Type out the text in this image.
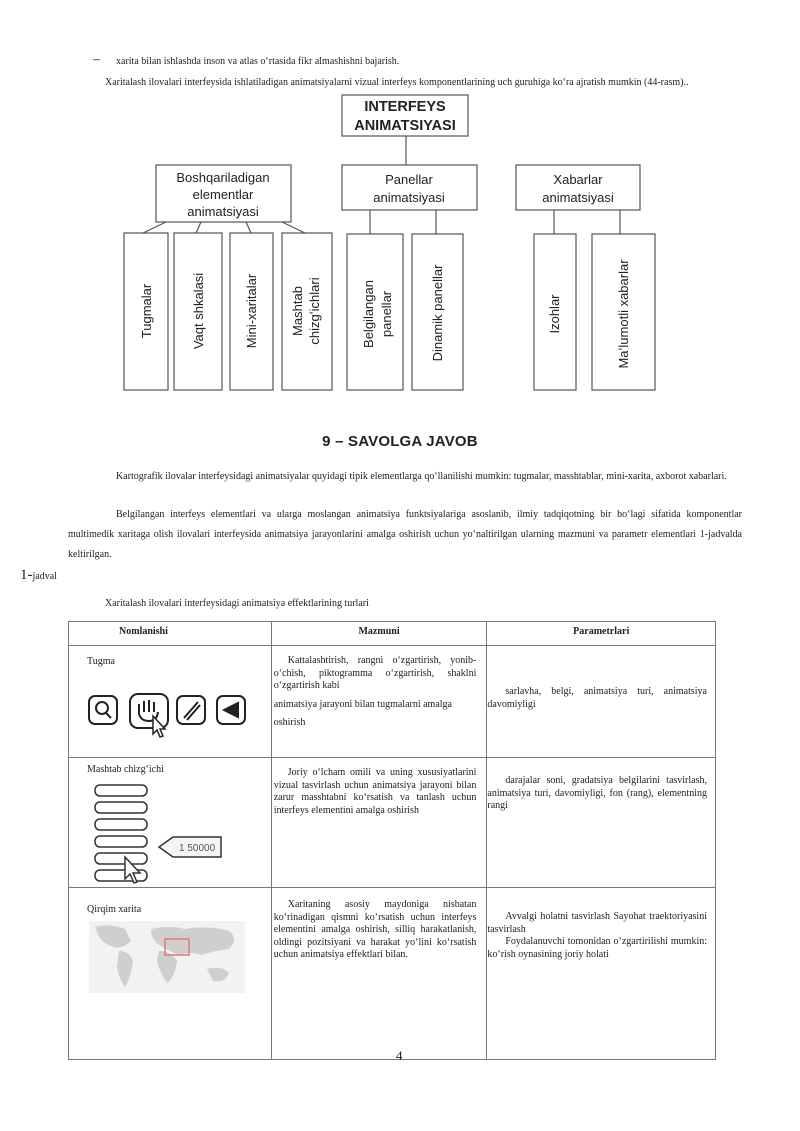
– xarita bilan ishlashda inson va atlas oʻrtasida fikr almashishni bajarish.
Xaritalash ilovalari interfeysida ishlatiladigan animatsiyalarni vizual interfeys komponentlarining uch guruhiga koʻra ajratish mumkin (44-rasm)..
INTERFEYS
ANIMATSIYASI
Boshqariladigan
elementlar
animatsiyasi
Panellar
animatsiyasi
Xabarlar
animatsiyasi
Tugmalar	Vaqt shkalasi	Mini-xaritalar Mashtab chizgʻichlari	Belgilangan panellar	Dinamik panellar	Izohlar	Maʻlumotli xabarlar
9 – SAVOLGA JAVOB
Kartografik ilovalar interfeysidagi animatsiyalar quyidagi tipik elementlarga qoʻllanilishi mumkin: tugmalar, masshtablar, mini-xarita, axborot xabarlari.
Belgilangan interfeys elementlari va ularga moslangan animatsiya funktsiyalariga asoslanib, ilmiy tadqiqotning bir boʻlagi sifatida komponentlar multimedik xaritaga olish ilovalari interfeysida animatsiya jarayonlarini amalga oshirish uchun yoʻnaltirilgan ularning mazmuni va parametr elementlari 1-jadvalda keltirilgan.
1-jadval
Xaritalash ilovalari interfeysidagi animatsiya effektlarining turlari
Nomlanishi	Mazmuni	Parametrlari

Tugma	Kattalashtirish, rangni oʻzgartirish, yonib-oʻchish, piktogramma oʻzgartirish, shaklni oʻzgartirish kabi
animatsiya jarayoni bilan tugmalarni amalga
oshirish	sarlavha, belgi, animatsiya turi, animatsiya davomiyligi

Mashtab chizgʻichi
1 50000	Joriy oʻlcham omili va uning xususiyatlarini vizual tasvirlash uchun animatsiya jarayoni bilan zarur masshtabni koʻrsatish va tanlash uchun interfeys elementini amalga oshirish	darajalar soni, gradatsiya belgilarini tasvirlash, animatsiya turi, davomiyligi, fon (rang), elementning rangi

Qirqim xarita	Xaritaning asosiy maydoniga nisbatan koʻrinadigan qismni koʻrsatish uchun interfeys elementini amalga oshirish, silliq harakatlanish, oldingi pozitsiyani va harakat yoʻlini koʻrsatish uchun animatsiya effektlari bilan.	Avvalgi holatni tasvirlash Sayohat traektoriyasini tasvirlash
Foydalanuvchi tomonidan oʻzgartirilishi mumkin: koʻrish oynasining joriy holati
4
